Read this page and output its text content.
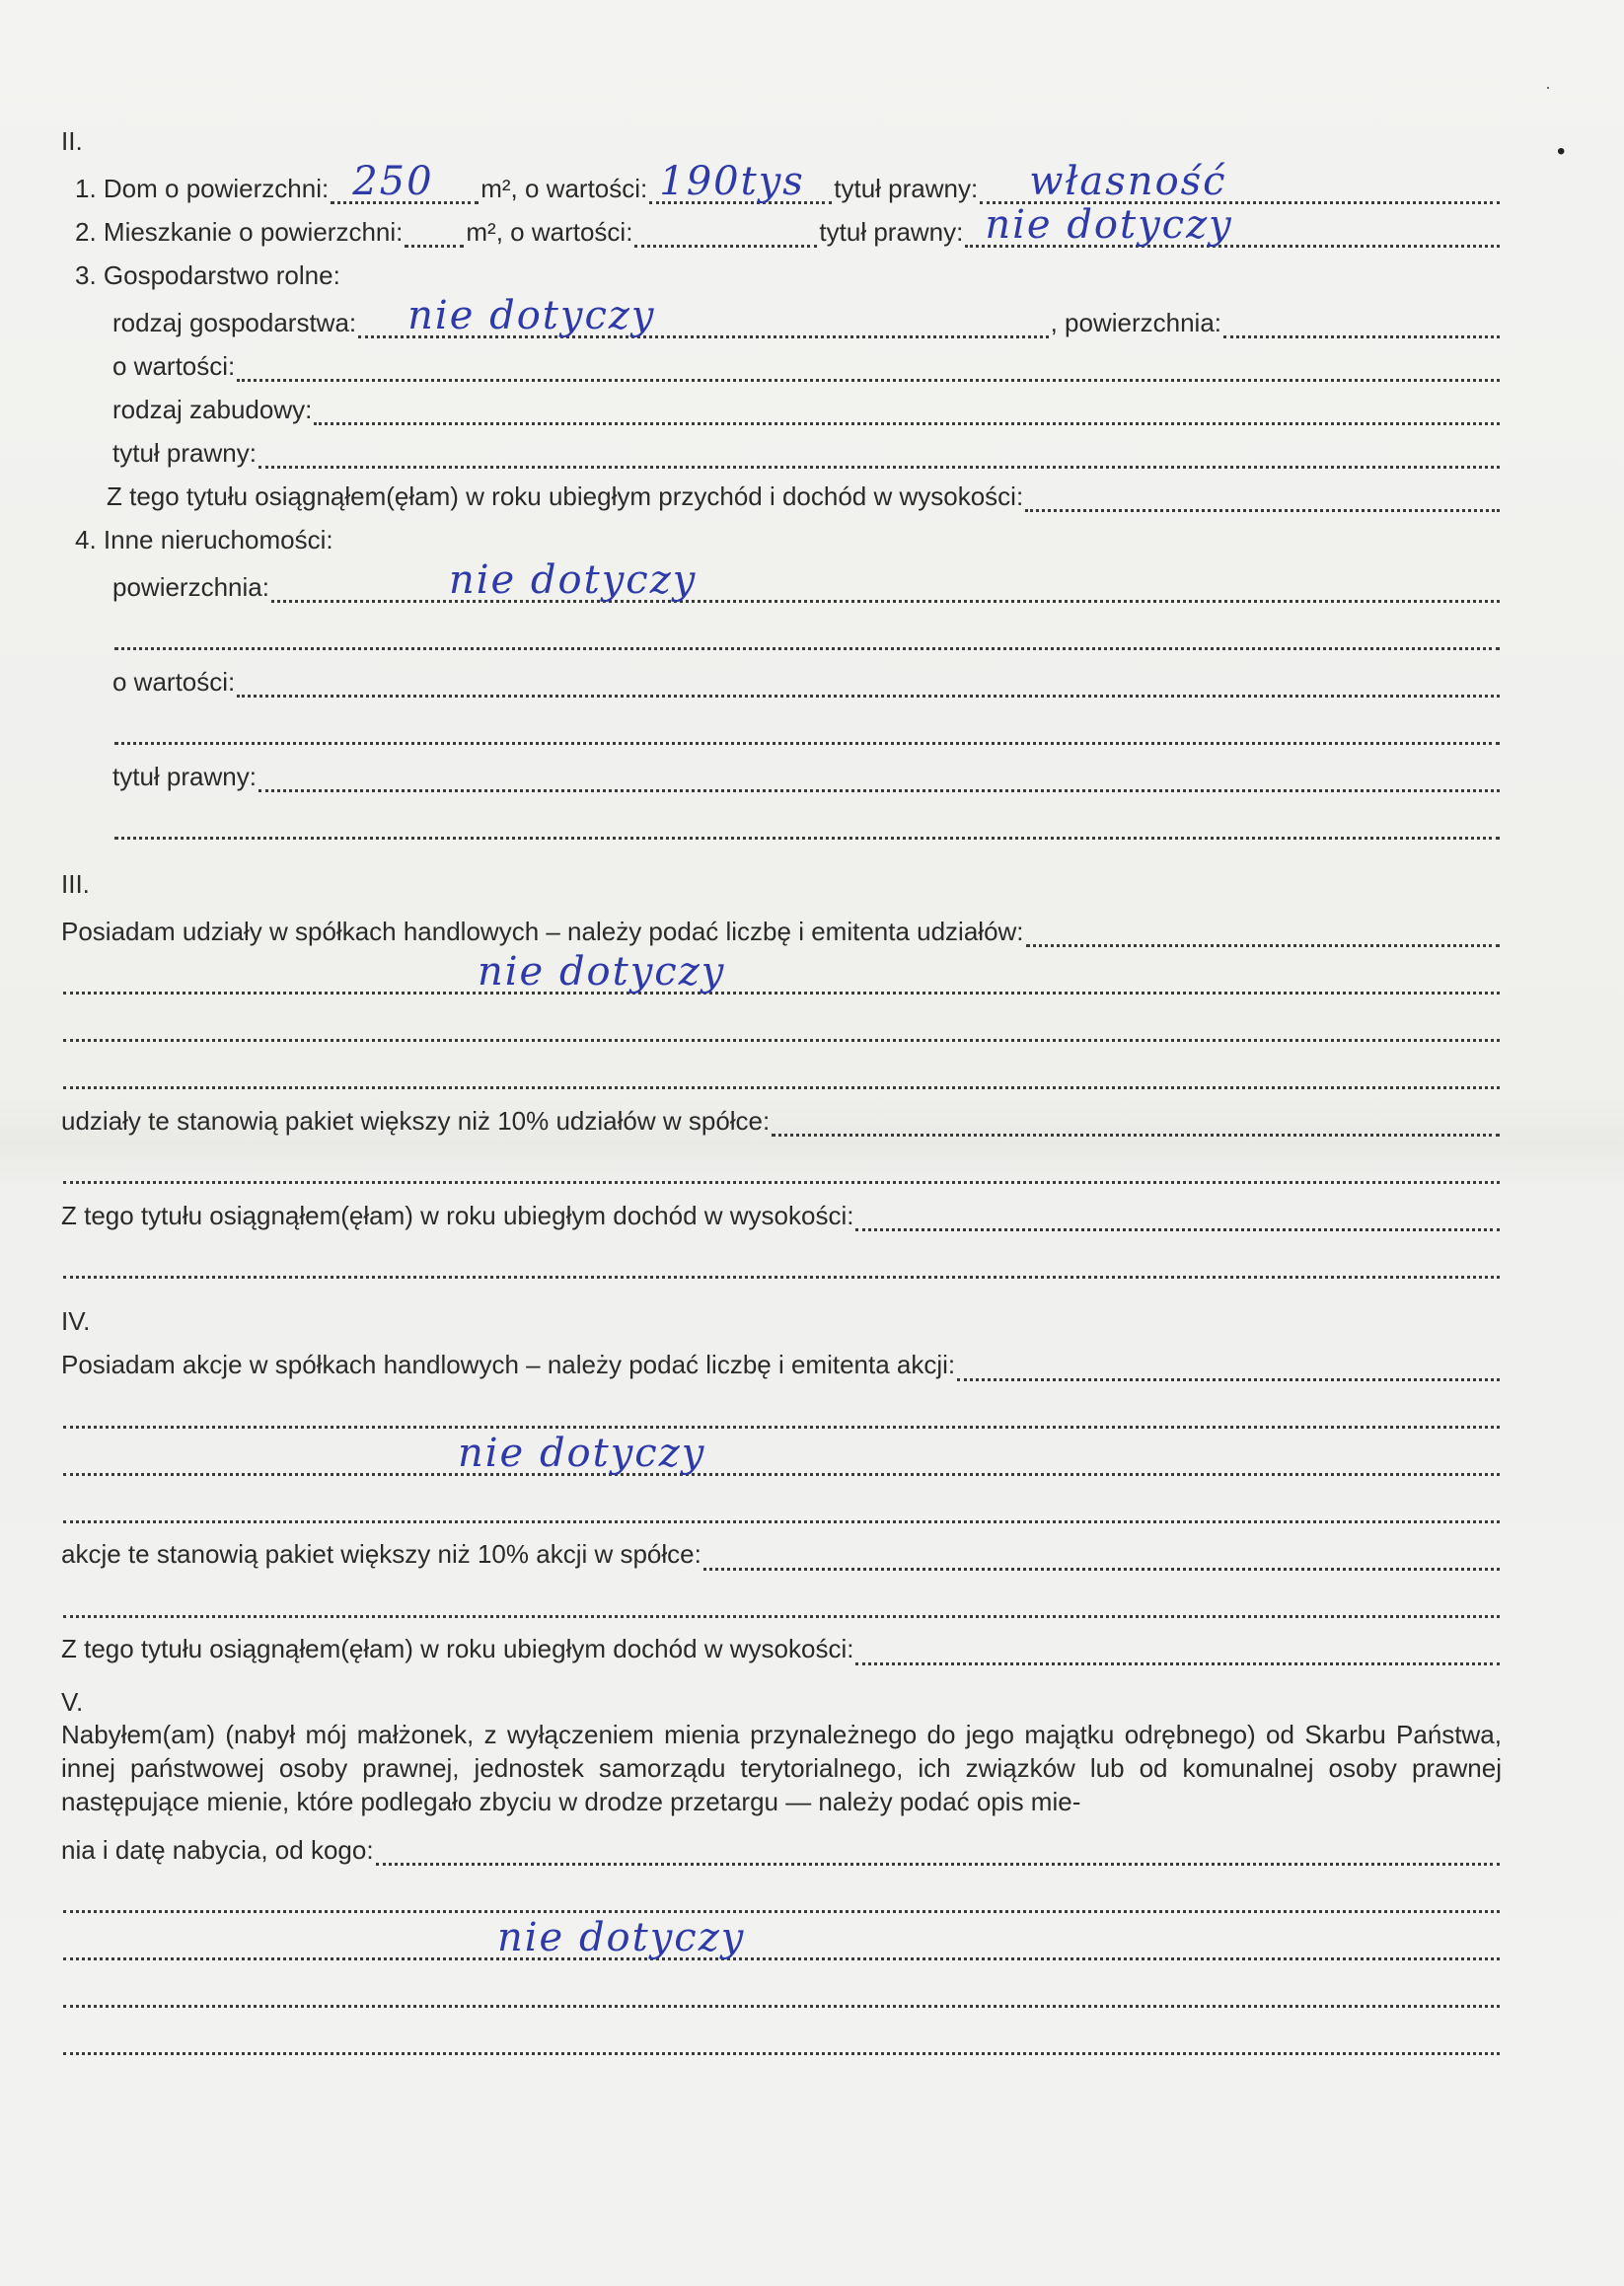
II.
1. Dom o powierzchni: 250 m², o wartości: 190tys tytuł prawny: własność
2. Mieszkanie o powierzchni: m², o wartości:	tytuł prawny: nie dotyczy
3. Gospodarstwo rolne:
rodzaj gospodarstwa: nie dotyczy	, powierzchnia:
o wartości:
rodzaj zabudowy:
tytuł prawny:
Z tego tytułu osiągnąłem(ęłam) w roku ubiegłym przychód i dochód w wysokości:
4. Inne nieruchomości:
powierzchnia:	nie dotyczy
o wartości:
tytuł prawny:
III.
Posiadam udziały w spółkach handlowych – należy podać liczbę i emitenta udziałów:
nie dotyczy
udziały te stanowią pakiet większy niż 10% udziałów w spółce:
Z tego tytułu osiągnąłem(ęłam) w roku ubiegłym dochód w wysokości:
IV.
Posiadam akcje w spółkach handlowych – należy podać liczbę i emitenta akcji:
nie dotyczy
akcje te stanowią pakiet większy niż 10% akcji w spółce:
Z tego tytułu osiągnąłem(ęłam) w roku ubiegłym dochód w wysokości:
V.
Nabyłem(am) (nabył mój małżonek, z wyłączeniem mienia przynależnego do jego majątku odrębnego) od Skarbu Państwa, innej państwowej osoby prawnej, jednostek samorządu terytorialnego, ich związków lub od komunalnej osoby prawnej następujące mienie, które podlegało zbyciu w drodze przetargu — należy podać opis mie-
nia i datę nabycia, od kogo:
nie dotyczy
·
•
